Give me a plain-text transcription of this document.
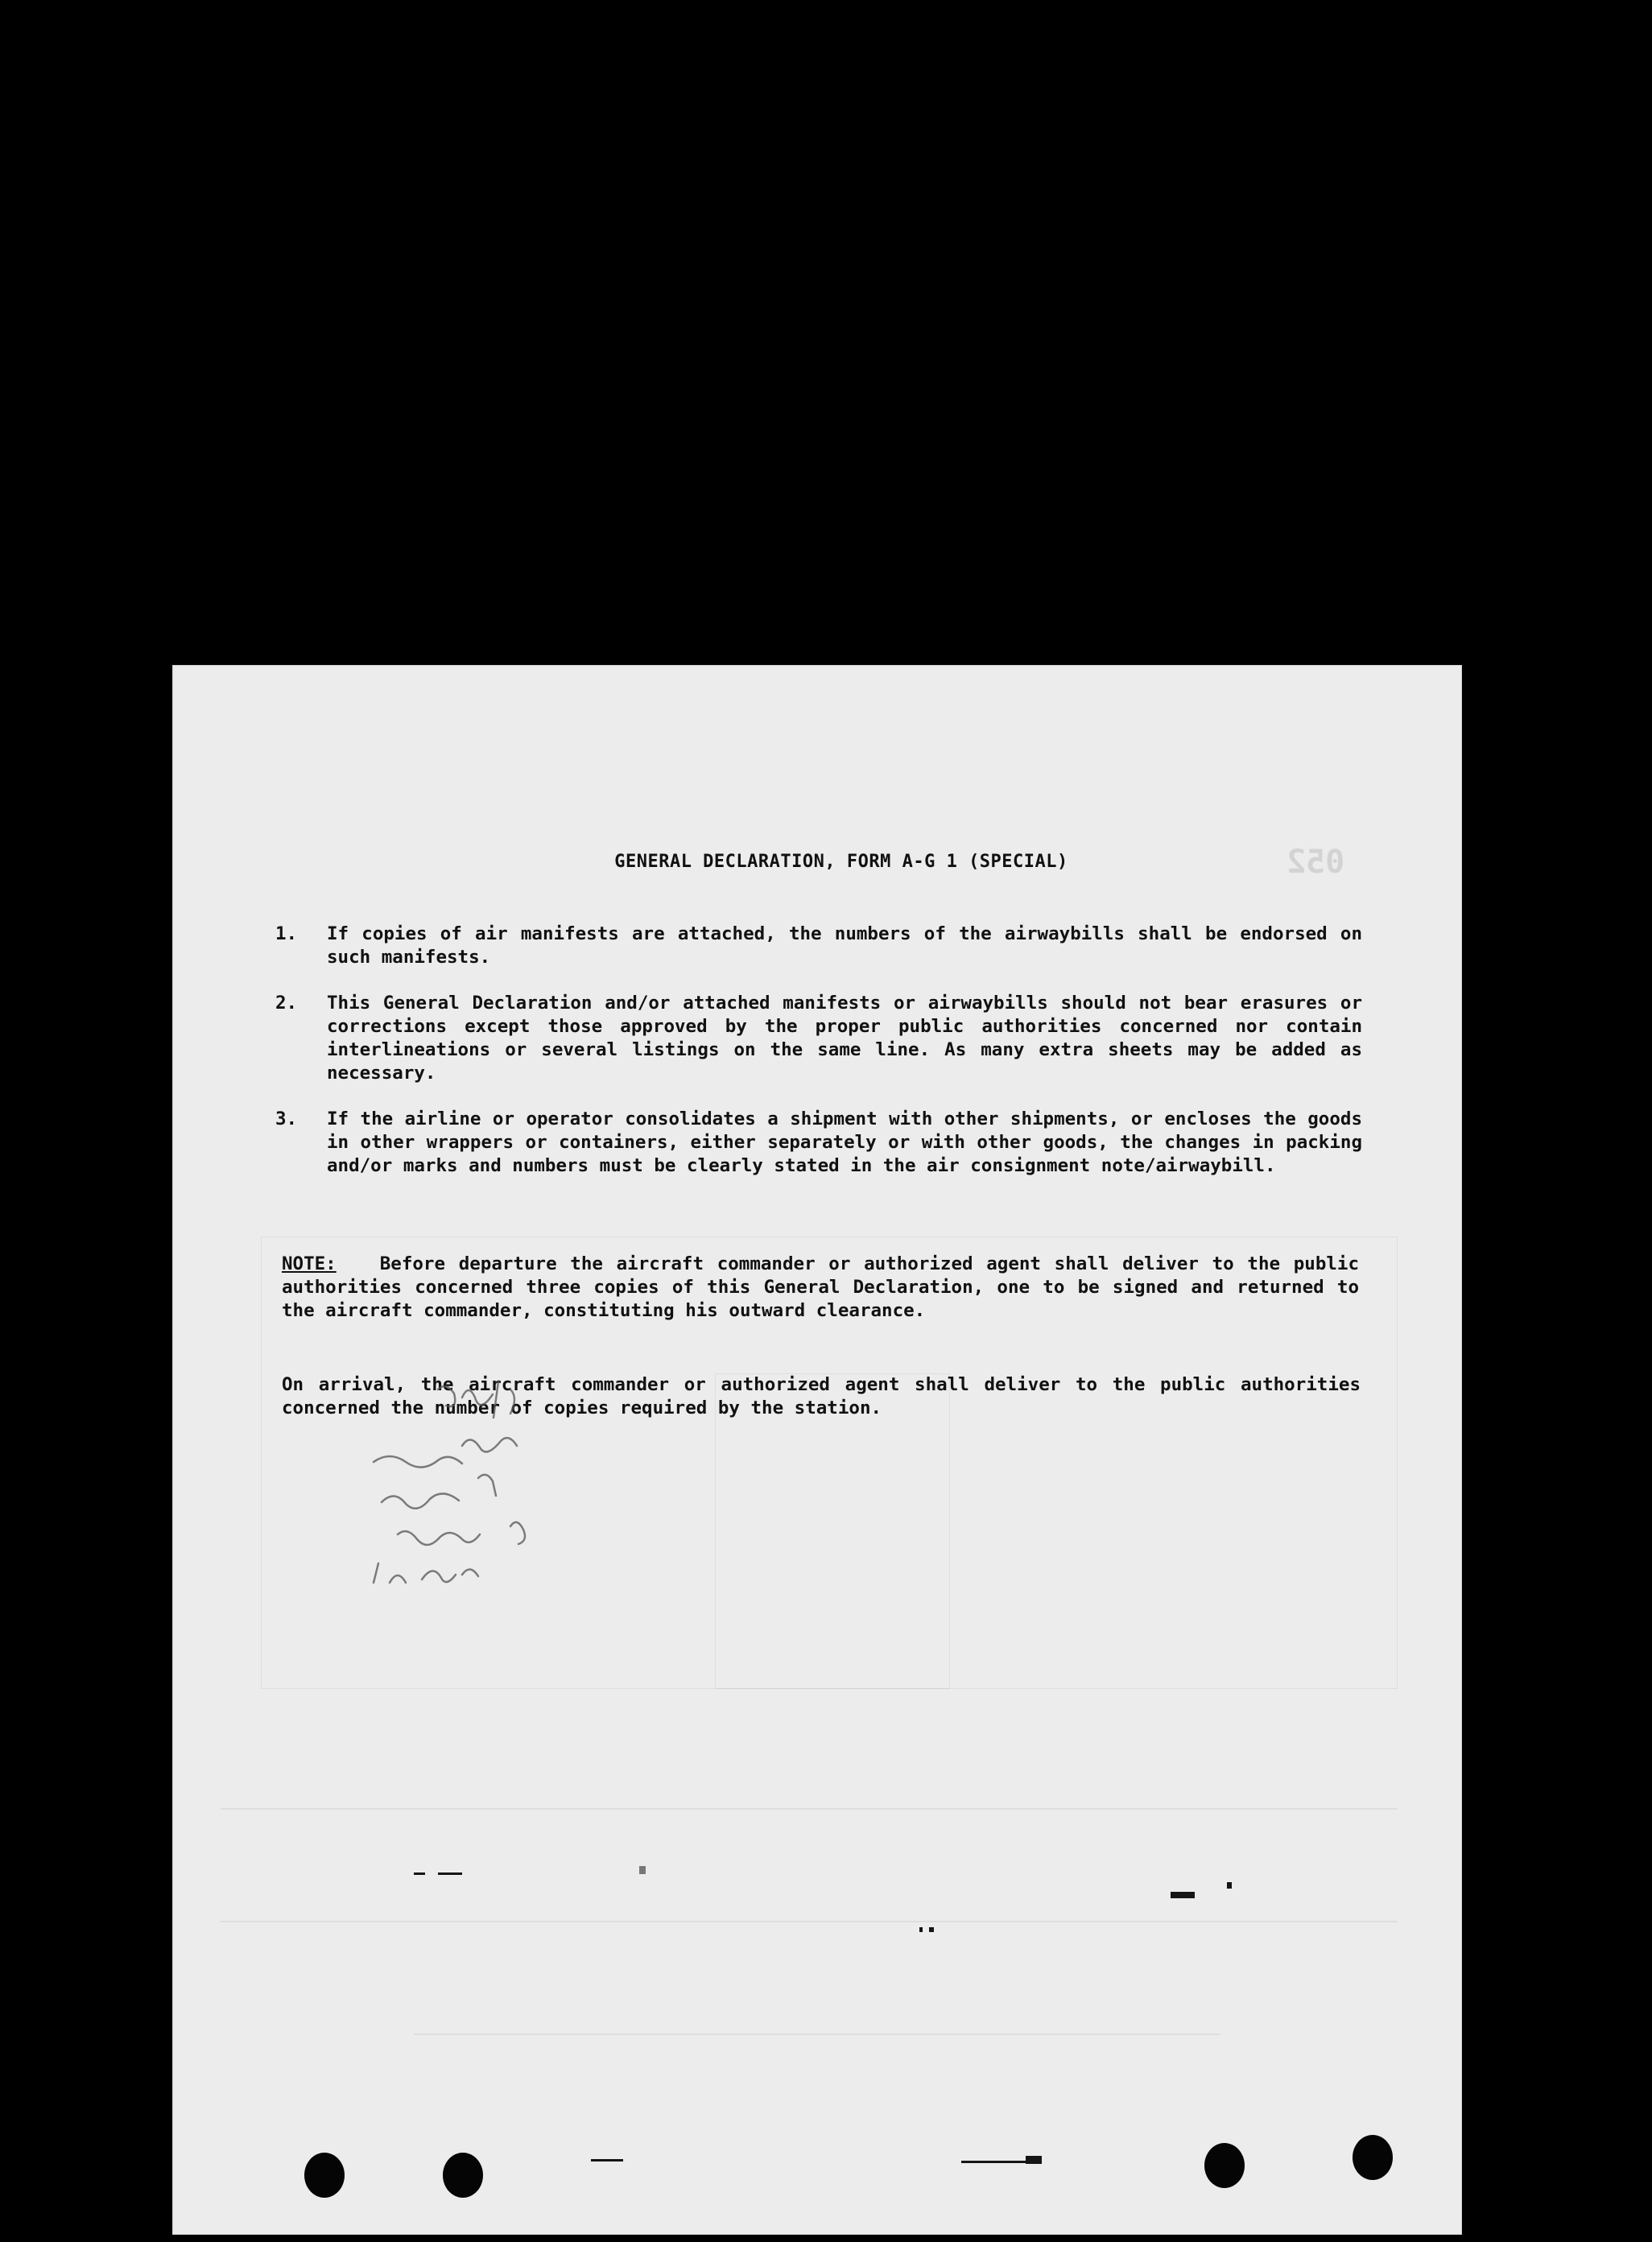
052
GENERAL DECLARATION, FORM A-G 1 (SPECIAL)
1.	If copies of air manifests are attached, the numbers of the airwaybills shall be endorsed on such manifests.
2.	This General Declaration and/or attached manifests or airwaybills should not bear erasures or corrections except those approved by the proper public authorities concerned nor contain interlineations or several listings on the same line. As many extra sheets may be added as necessary.
3.	If the airline or operator consolidates a shipment with other shipments, or encloses the goods in other wrappers or containers, either separately or with other goods, the changes in packing and/or marks and numbers must be clearly stated in the air consignment note/airwaybill.
NOTE: Before departure the aircraft commander or authorized agent shall deliver to the public authorities concerned three copies of this General Declaration, one to be signed and returned to the aircraft commander, constituting his outward clearance.
On arrival, the aircraft commander or authorized agent shall deliver to the public authorities concerned the number of copies required by the station.
